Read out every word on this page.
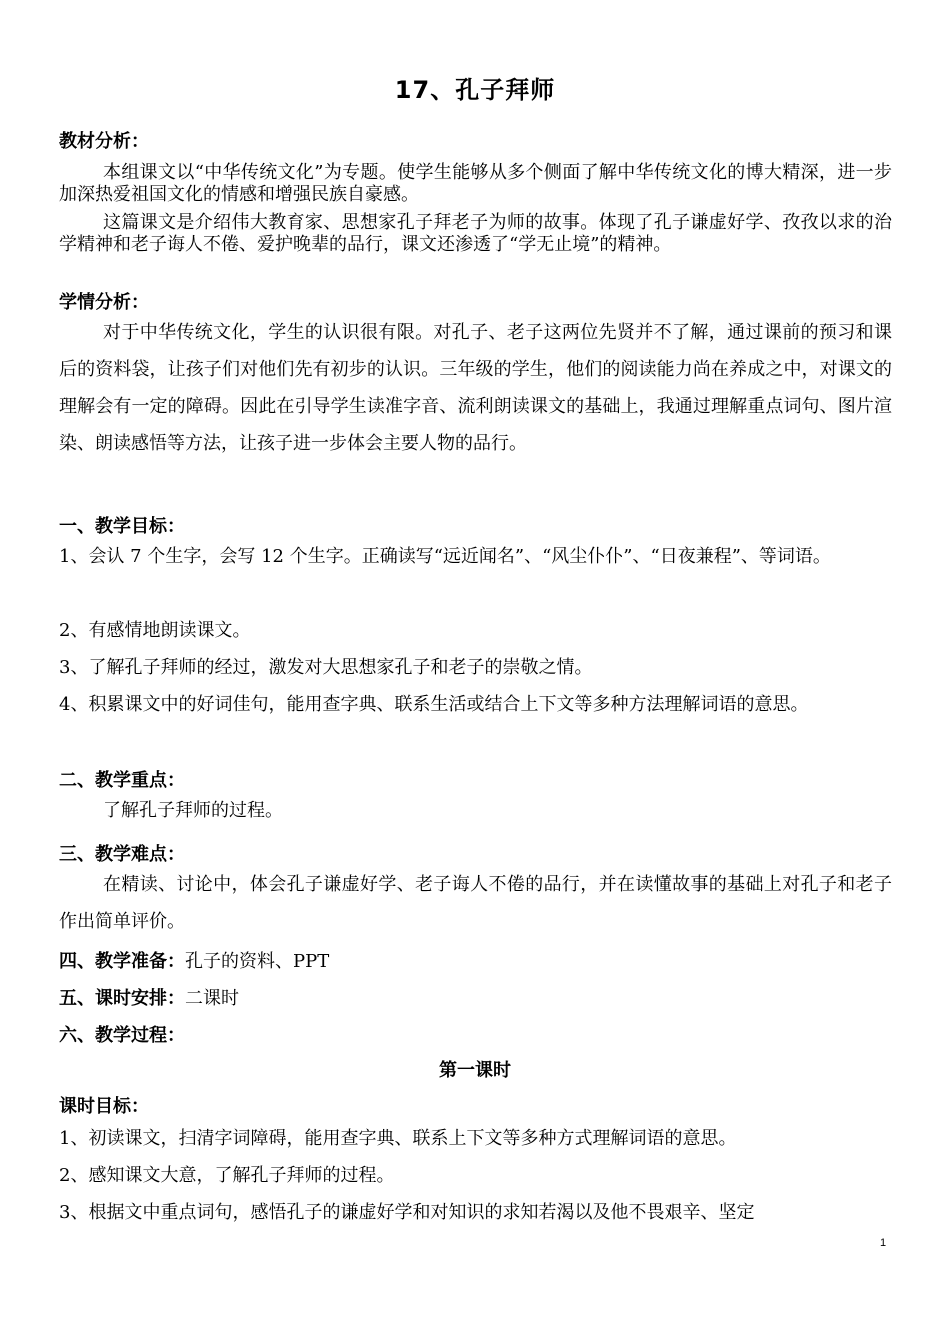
17、孔子拜师
教材分析：
本组课文以“中华传统文化”为专题。使学生能够从多个侧面了解中华传统文化的博大精深，进一步加深热爱祖国文化的情感和增强民族自豪感。
这篇课文是介绍伟大教育家、思想家孔子拜老子为师的故事。体现了孔子谦虚好学、孜孜以求的治学精神和老子诲人不倦、爱护晚辈的品行，课文还渗透了“学无止境”的精神。
学情分析：
对于中华传统文化，学生的认识很有限。对孔子、老子这两位先贤并不了解，通过课前的预习和课后的资料袋，让孩子们对他们先有初步的认识。三年级的学生，他们的阅读能力尚在养成之中，对课文的理解会有一定的障碍。因此在引导学生读准字音、流利朗读课文的基础上，我通过理解重点词句、图片渲染、朗读感悟等方法，让孩子进一步体会主要人物的品行。
一、教学目标：
1、会认 7 个生字，会写 12 个生字。正确读写“远近闻名”、“风尘仆仆”、“日夜兼程”、等词语。
2、有感情地朗读课文。
3、了解孔子拜师的经过，激发对大思想家孔子和老子的崇敬之情。
4、积累课文中的好词佳句，能用查字典、联系生活或结合上下文等多种方法理解词语的意思。
二、教学重点：
了解孔子拜师的过程。
三、教学难点：
在精读、讨论中，体会孔子谦虚好学、老子诲人不倦的品行，并在读懂故事的基础上对孔子和老子作出简单评价。
四、教学准备：孔子的资料、PPT
五、课时安排：二课时
六、教学过程：
第一课时
课时目标：
1、初读课文，扫清字词障碍，能用查字典、联系上下文等多种方式理解词语的意思。
2、感知课文大意，了解孔子拜师的过程。
3、根据文中重点词句，感悟孔子的谦虚好学和对知识的求知若渴以及他不畏艰辛、坚定
1
